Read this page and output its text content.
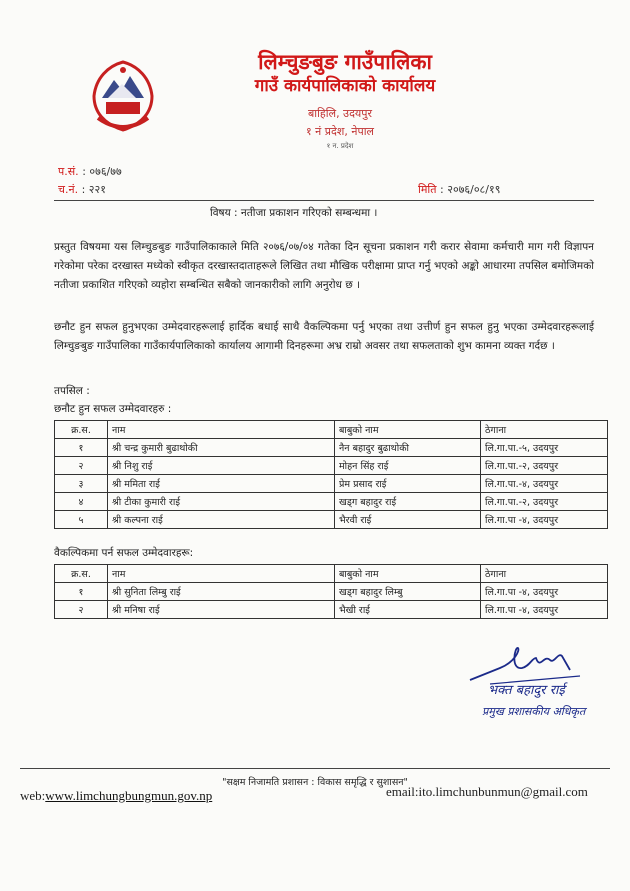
लिम्चुङबुङ गाउँपालिका
गाउँ कार्यपालिकाको कार्यालय
बाहिलि, उदयपुर
१ नं प्रदेश, नेपाल
१ न. प्रदेश
प.सं. : ०७६/७७
च.नं. : २२१	मिति : २०७६/०८/१९
विषय : नतीजा प्रकाशन गरिएको सम्बन्धमा ।
प्रस्तुत विषयमा यस लिम्चुङबुङ गाउँपालिकाकाले मिति २०७६/०७/०४ गतेका दिन सूचना प्रकाशन गरी करार सेवामा कर्मचारी माग गरी विज्ञापन गरेकोमा परेका दरखास्त मध्येको स्वीकृत दरखास्तदाताहरूले लिखित तथा मौखिक परीक्षामा प्राप्त गर्नु भएको अङ्को आधारमा तपसिल बमोजिमको नतीजा प्रकाशित गरिएको व्यहोरा सम्बन्धित सबैको जानकारीको लागि अनुरोध छ ।
छनौट हुन सफल हुनुभएका उम्मेदवारहरूलाई हार्दिक बधाई साथै वैकल्पिकमा पर्नु भएका तथा उत्तीर्ण हुन सफल हुनु भएका उम्मेदवारहरूलाई लिम्चुङबुङ गाउँपालिका गाउँकार्यपालिकाको कार्यालय आगामी दिनहरूमा अभ्र राम्रो अवसर तथा सफलताको शुभ कामना व्यक्त गर्दछ ।
तपसिल :
छनौट हुन सफल उम्मेदवारहरु :
क्र.स.	नाम	बाबुको नाम	ठेगाना
१	श्री चन्द्र कुमारी बुढाथोकी	नैन बहादुर बुढाथोकी	लि.गा.पा.-५, उदयपुर
२	श्री निशु राई	मोहन सिंह राई	लि.गा.पा.-२, उदयपुर
३	श्री ममिता राई	प्रेम प्रसाद राई	लि.गा.पा.-४, उदयपुर
४	श्री टीका कुमारी राई	खड्ग बहादुर राई	लि.गा.पा.-२, उदयपुर
५	श्री कल्पना राई	भैरवी राई	लि.गा.पा -४, उदयपुर
वैकल्पिकमा पर्न सफल उम्मेदवारहरू:
क्र.स.	नाम	बाबुको नाम	ठेगाना
१	श्री सुनिता लिम्बु राई	खड्ग बहादुर लिम्बु	लि.गा.पा -४, उदयपुर
२	श्री मनिषा राई	भैखी राई	लि.गा.पा -४, उदयपुर
भक्त बहादुर राई
प्रमुख प्रशासकीय अधिकृत
"सक्षम निजामति प्रशासन : विकास समृद्धि र सुशासन"
web:www.limchungbungmun.gov.np	email:ito.limchunbunmun@gmail.com
